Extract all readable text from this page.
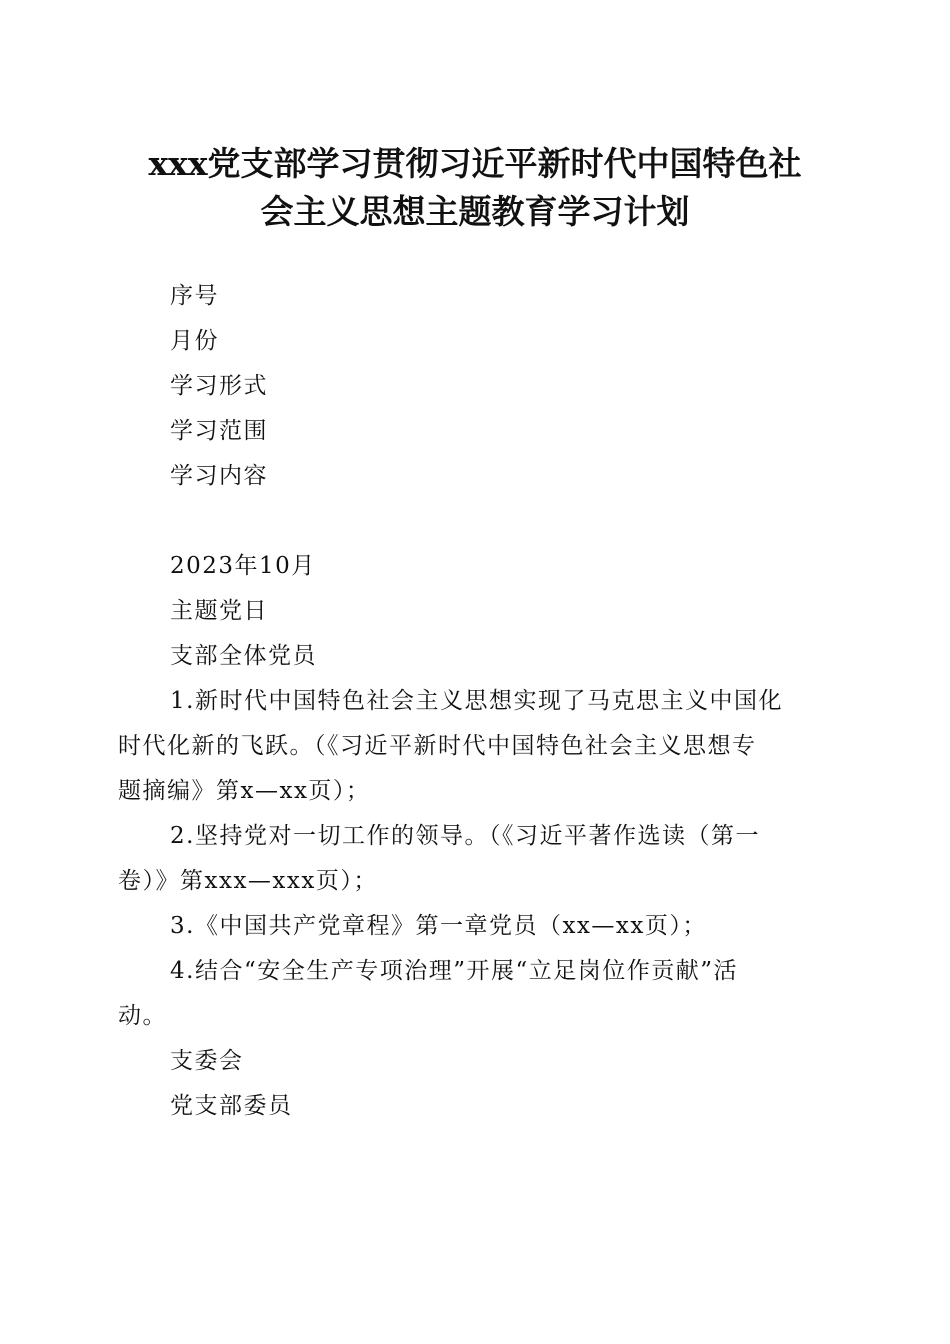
xxx党支部学习贯彻习近平新时代中国特色社
会主义思想主题教育学习计划
序号
月份
学习形式
学习范围
学习内容
2023年10月
主题党日
支部全体党员
1.新时代中国特色社会主义思想实现了马克思主义中国化
时代化新的飞跃。（《习近平新时代中国特色社会主义思想专
题摘编》第x—xx页）；
2.坚持党对一切工作的领导。（《习近平著作选读（第一
卷）》第xxx—xxx页）；
3.《中国共产党章程》第一章党员（xx—xx页）；
4.结合“安全生产专项治理”开展“立足岗位作贡献”活
动。
支委会
党支部委员
